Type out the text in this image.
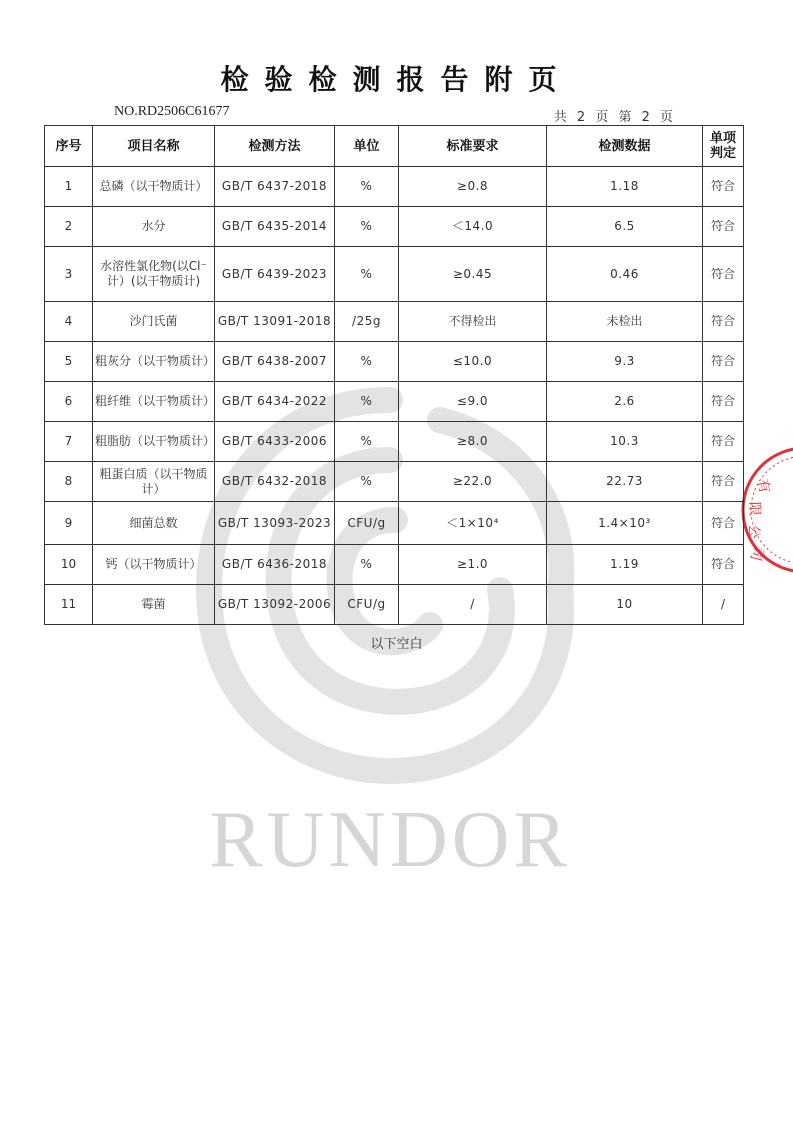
RUNDOR
有
限
公
司
检验检测报告附页
NO.RD2506C61677	共 2 页 第 2 页
序号	项目名称	检测方法	单位	标准要求	检测数据	单项判定
1	总磷（以干物质计）	GB/T 6437-2018	%	≥0.8	1.18	符合
2	水分	GB/T 6435-2014	%	＜14.0	6.5	符合
3	水溶性氯化物(以Cl⁻计）(以干物质计)	GB/T 6439-2023	%	≥0.45	0.46	符合
4	沙门氏菌	GB/T 13091-2018	/25g	不得检出	未检出	符合
5	粗灰分（以干物质计）	GB/T 6438-2007	%	≤10.0	9.3	符合
6	粗纤维（以干物质计）	GB/T 6434-2022	%	≤9.0	2.6	符合
7	粗脂肪（以干物质计）	GB/T 6433-2006	%	≥8.0	10.3	符合
8	粗蛋白质（以干物质计）	GB/T 6432-2018	%	≥22.0	22.73	符合
9	细菌总数	GB/T 13093-2023	CFU/g	＜1×10⁴	1.4×10³	符合
10	钙（以干物质计）	GB/T 6436-2018	%	≥1.0	1.19	符合
11	霉菌	GB/T 13092-2006	CFU/g	/	10	/
以下空白
